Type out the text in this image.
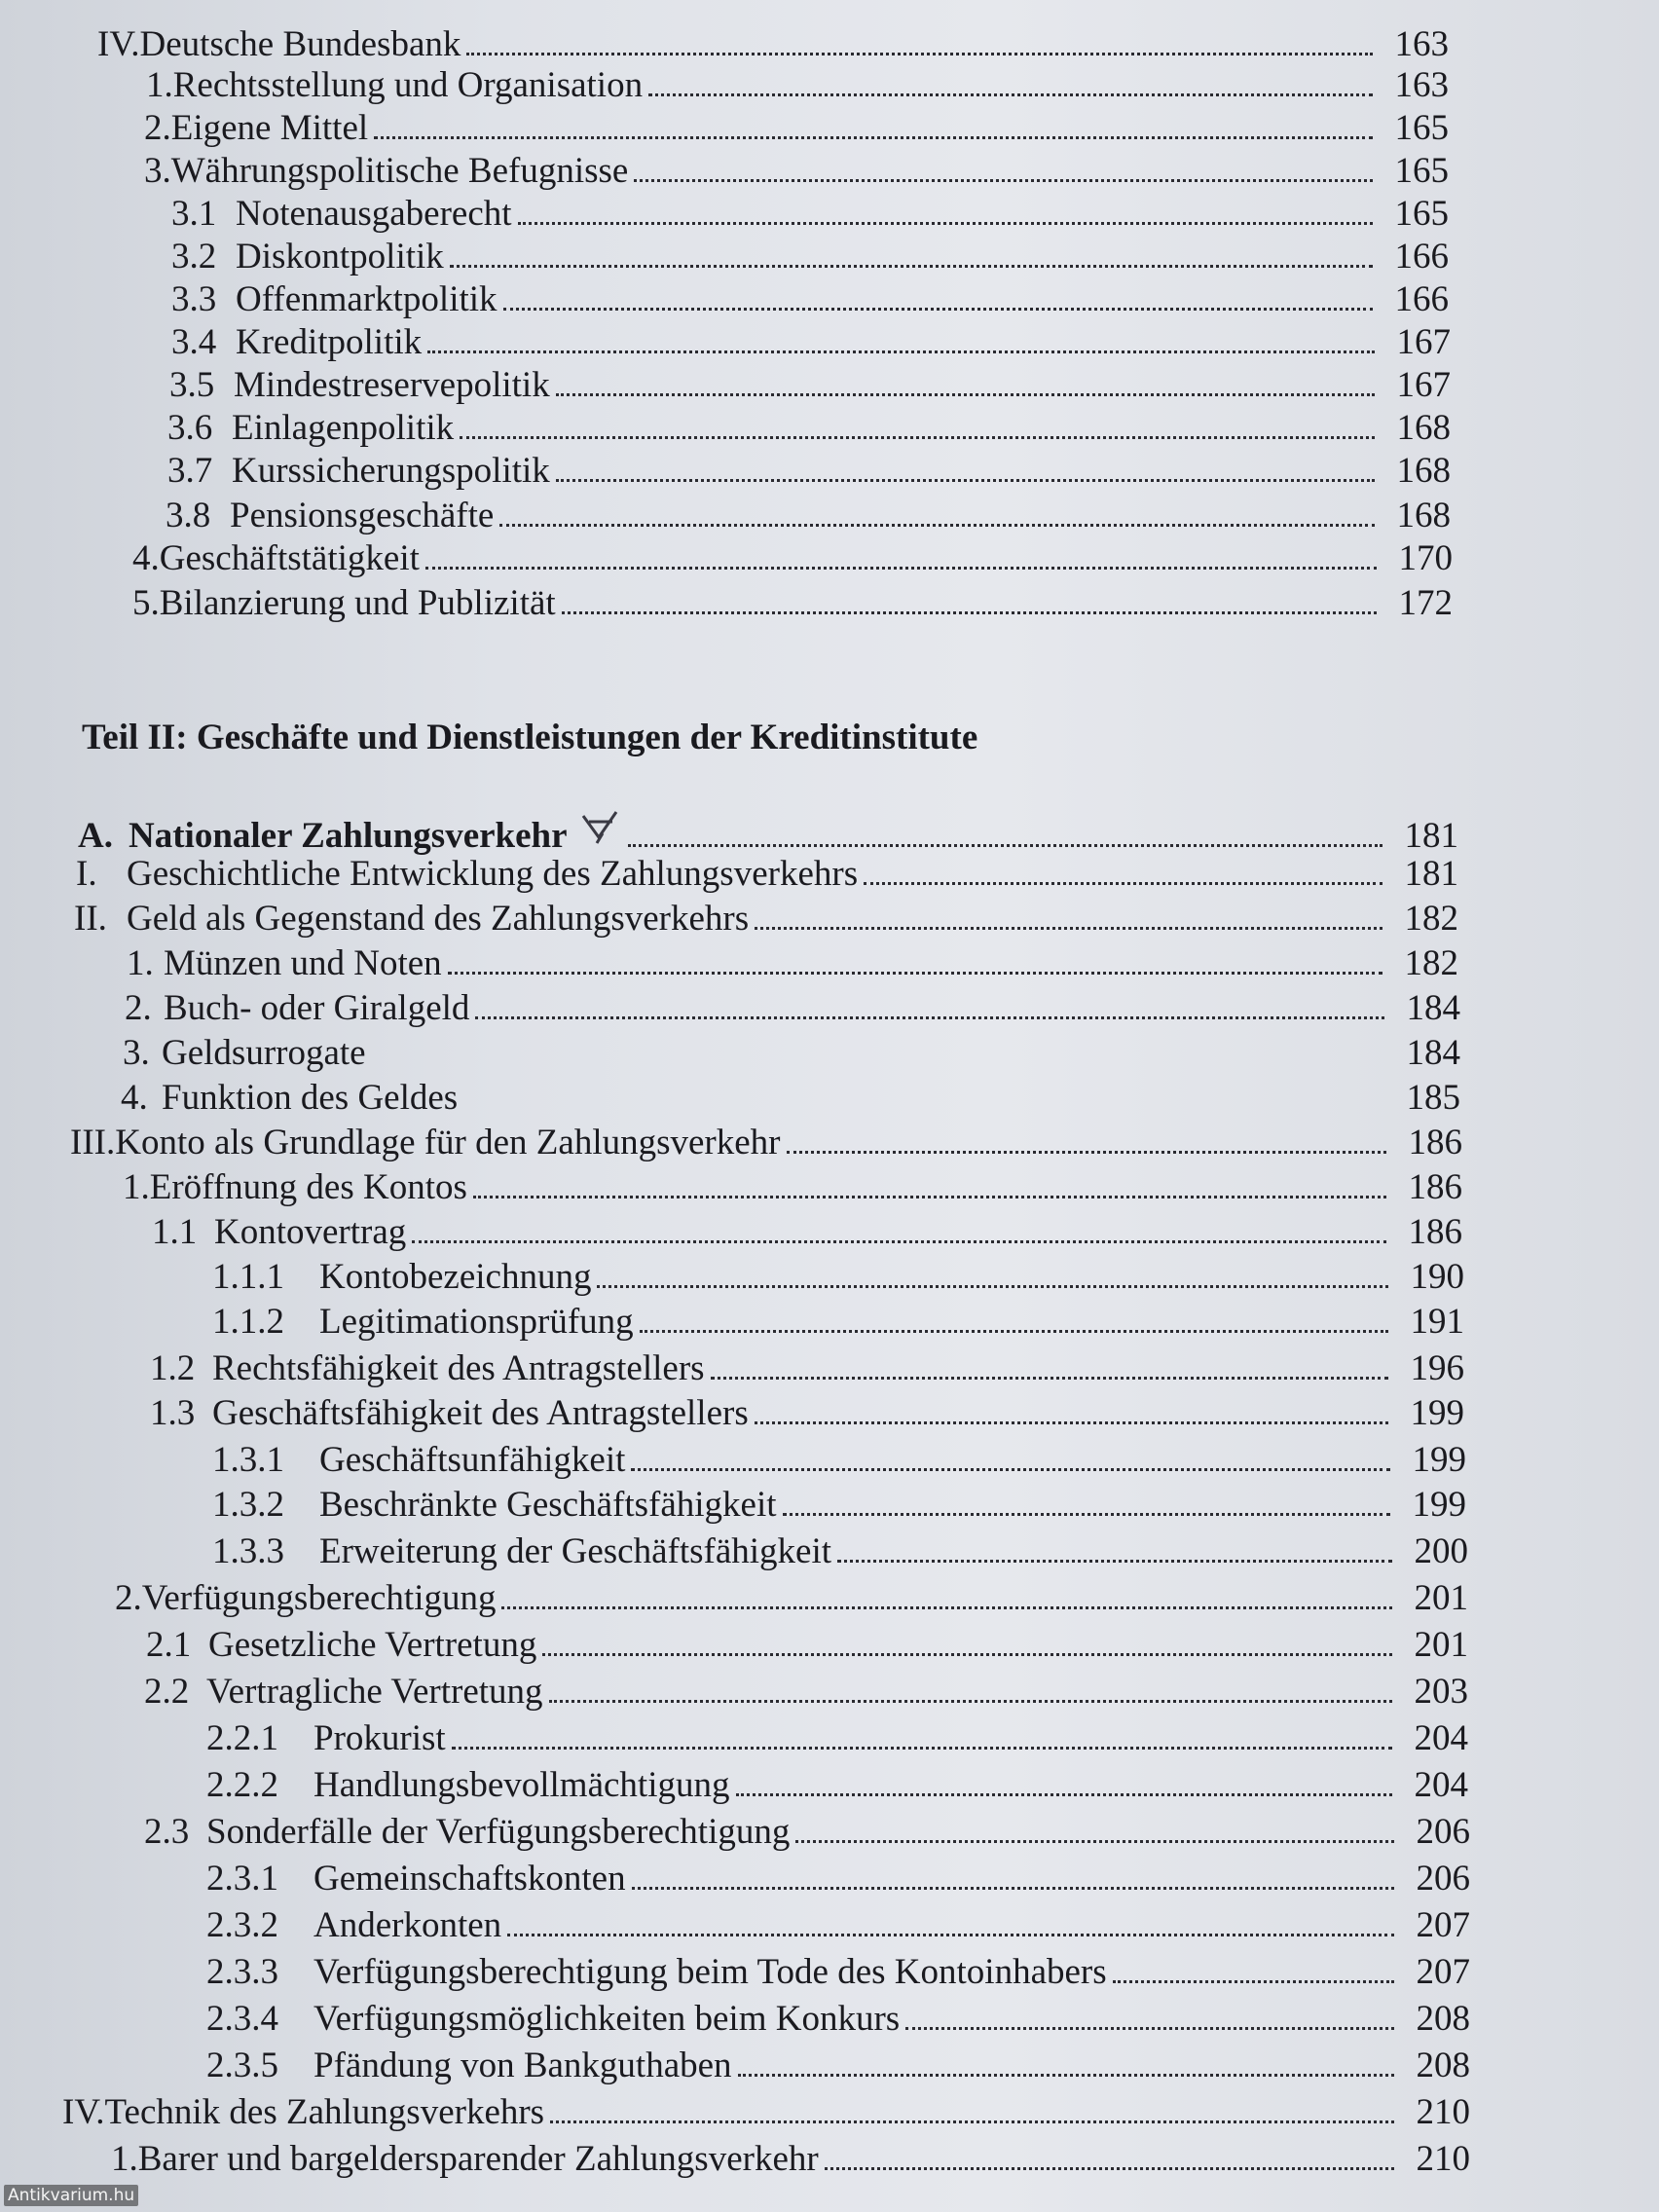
IV. Deutsche Bundesbank	163
1. Rechtsstellung und Organisation	163
2. Eigene Mittel	165
3. Währungspolitische Befugnisse	165
3.1 Notenausgaberecht	165
3.2 Diskontpolitik	166
3.3 Offenmarktpolitik	166
3.4 Kreditpolitik	167
3.5 Mindestreservepolitik	167
3.6 Einlagenpolitik	168
3.7 Kurssicherungspolitik	168
3.8 Pensionsgeschäfte	168
4. Geschäftstätigkeit	170
5. Bilanzierung und Publizität	172
Teil II: Geschäfte und Dienstleistungen der Kreditinstitute
A. Nationaler Zahlungsverkehr	181
I. Geschichtliche Entwicklung des Zahlungsverkehrs	181
II. Geld als Gegenstand des Zahlungsverkehrs	182
1. Münzen und Noten	182
2. Buch- oder Giralgeld	184
3. Geldsurrogate	184
4. Funktion des Geldes	185
III. Konto als Grundlage für den Zahlungsverkehr	186
1. Eröffnung des Kontos	186
1.1 Kontovertrag	186
1.1.1 Kontobezeichnung	190
1.1.2 Legitimationsprüfung	191
1.2 Rechtsfähigkeit des Antragstellers	196
1.3 Geschäftsfähigkeit des Antragstellers	199
1.3.1 Geschäftsunfähigkeit	199
1.3.2 Beschränkte Geschäftsfähigkeit	199
1.3.3 Erweiterung der Geschäftsfähigkeit	200
2. Verfügungsberechtigung	201
2.1 Gesetzliche Vertretung	201
2.2 Vertragliche Vertretung	203
2.2.1 Prokurist	204
2.2.2 Handlungsbevollmächtigung	204
2.3 Sonderfälle der Verfügungsberechtigung	206
2.3.1 Gemeinschaftskonten	206
2.3.2 Anderkonten	207
2.3.3 Verfügungsberechtigung beim Tode des Kontoinhabers	207
2.3.4 Verfügungsmöglichkeiten beim Konkurs	208
2.3.5 Pfändung von Bankguthaben	208
IV. Technik des Zahlungsverkehrs	210
1. Barer und bargeldersparender Zahlungsverkehr	210
Antikvarium.hu
